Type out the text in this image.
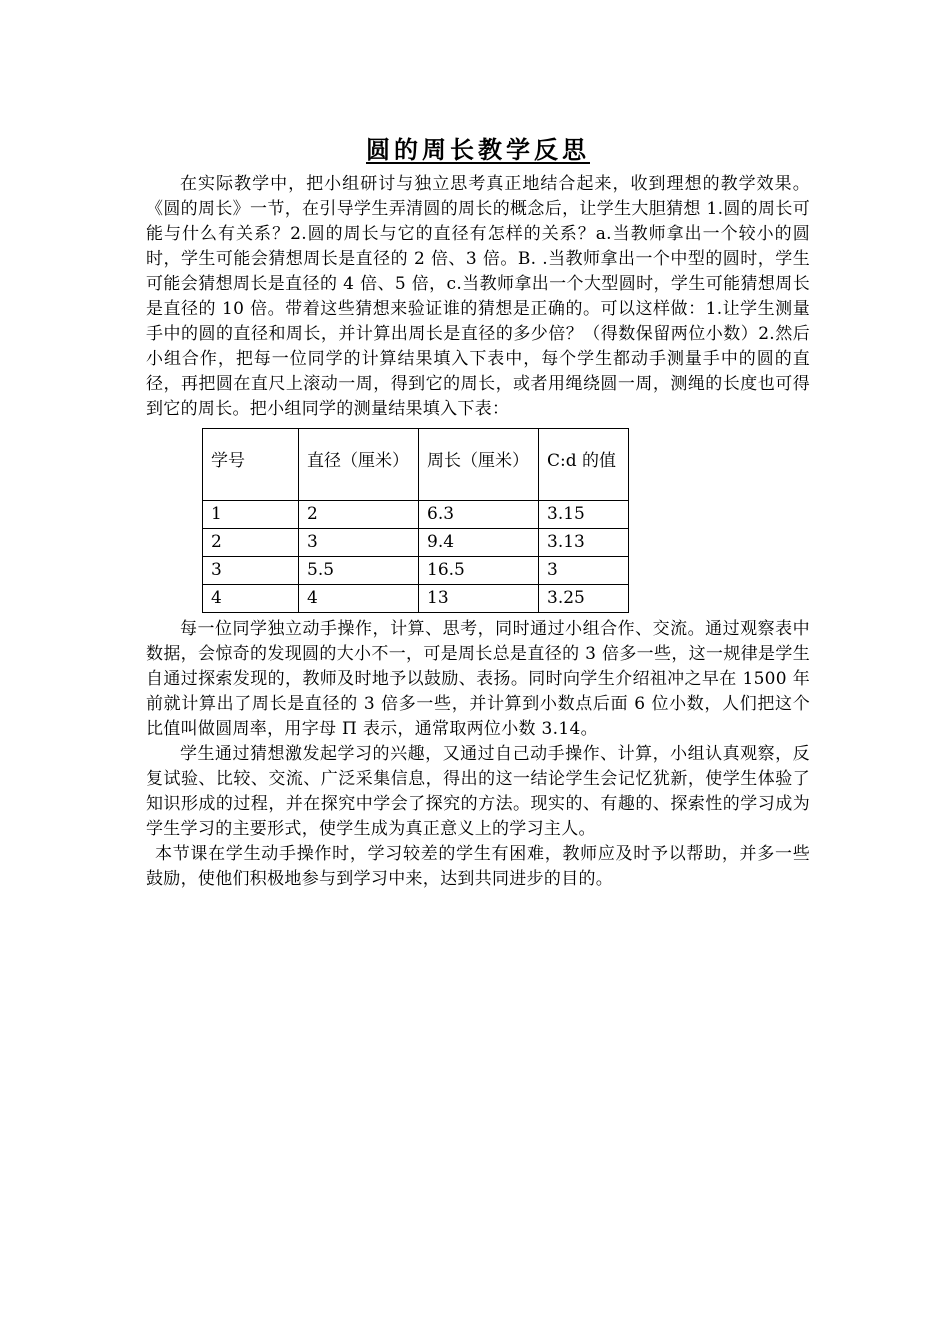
圆的周长教学反思

在实际教学中，把小组研讨与独立思考真正地结合起来，收到理想的教学效果。《圆的周长》一节，在引导学生弄清圆的周长的概念后，让学生大胆猜想 1.圆的周长可能与什么有关系？2.圆的周长与它的直径有怎样的关系？a.当教师拿出一个较小的圆时，学生可能会猜想周长是直径的 2 倍、3 倍。B. .当教师拿出一个中型的圆时，学生可能会猜想周长是直径的 4 倍、5 倍，c.当教师拿出一个大型圆时，学生可能猜想周长是直径的 10 倍。带着这些猜想来验证谁的猜想是正确的。可以这样做：1.让学生测量手中的圆的直径和周长，并计算出周长是直径的多少倍？（得数保留两位小数）2.然后小组合作，把每一位同学的计算结果填入下表中，每个学生都动手测量手中的圆的直径，再把圆在直尺上滚动一周，得到它的周长，或者用绳绕圆一周，测绳的长度也可得到它的周长。把小组同学的测量结果填入下表：

学号	直径（厘米）	周长（厘米）	C:d 的值
1	2	6.3	3.15
2	3	9.4	3.13
3	5.5	16.5	3
4	4	13	3.25

每一位同学独立动手操作，计算、思考，同时通过小组合作、交流。通过观察表中数据，会惊奇的发现圆的大小不一，可是周长总是直径的 3 倍多一些，这一规律是学生自通过探索发现的，教师及时地予以鼓励、表扬。同时向学生介绍祖冲之早在 1500 年前就计算出了周长是直径的 3 倍多一些，并计算到小数点后面 6 位小数，人们把这个比值叫做圆周率，用字母 Π 表示，通常取两位小数 3.14。

学生通过猜想激发起学习的兴趣，又通过自己动手操作、计算，小组认真观察，反复试验、比较、交流、广泛采集信息，得出的这一结论学生会记忆犹新，使学生体验了知识形成的过程，并在探究中学会了探究的方法。现实的、有趣的、探索性的学习成为学生学习的主要形式，使学生成为真正意义上的学习主人。

本节课在学生动手操作时，学习较差的学生有困难，教师应及时予以帮助，并多一些鼓励，使他们积极地参与到学习中来，达到共同进步的目的。
